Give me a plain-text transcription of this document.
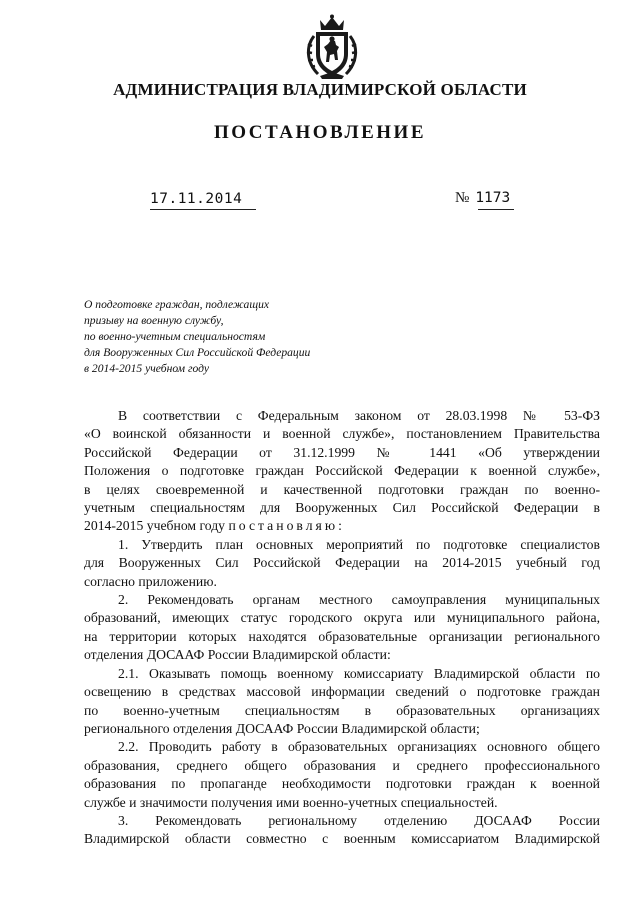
АДМИНИСТРАЦИЯ ВЛАДИМИРСКОЙ ОБЛАСТИ
ПОСТАНОВЛЕНИЕ
17.11.2014	№ 1173
О подготовке граждан, подлежащих
призыву на военную службу,
по военно-учетным специальностям
для Вооруженных Сил Российской Федерации
в 2014-2015 учебном году
В соответствии с Федеральным законом от 28.03.1998 № 53-ФЗ
«О воинской обязанности и военной службе», постановлением Правительства
Российской Федерации от 31.12.1999 № 1441 «Об утверждении
Положения о подготовке граждан Российской Федерации к военной службе»,
в целях своевременной и качественной подготовки граждан по военно-
учетным специальностям для Вооруженных Сил Российской Федерации в
2014-2015 учебном году постановляю:
1. Утвердить план основных мероприятий по подготовке специалистов
для Вооруженных Сил Российской Федерации на 2014-2015 учебный год
согласно приложению.
2. Рекомендовать органам местного самоуправления муниципальных
образований, имеющих статус городского округа или муниципального района,
на территории которых находятся образовательные организации регионального
отделения ДОСААФ России Владимирской области:
2.1. Оказывать помощь военному комиссариату Владимирской области по
освещению в средствах массовой информации сведений о подготовке граждан
по военно-учетным специальностям в образовательных организациях
регионального отделения ДОСААФ России Владимирской области;
2.2. Проводить работу в образовательных организациях основного общего
образования, среднего общего образования и среднего профессионального
образования по пропаганде необходимости подготовки граждан к военной
службе и значимости получения ими военно-учетных специальностей.
3. Рекомендовать региональному отделению ДОСААФ России
Владимирской области совместно с военным комиссариатом Владимирской
